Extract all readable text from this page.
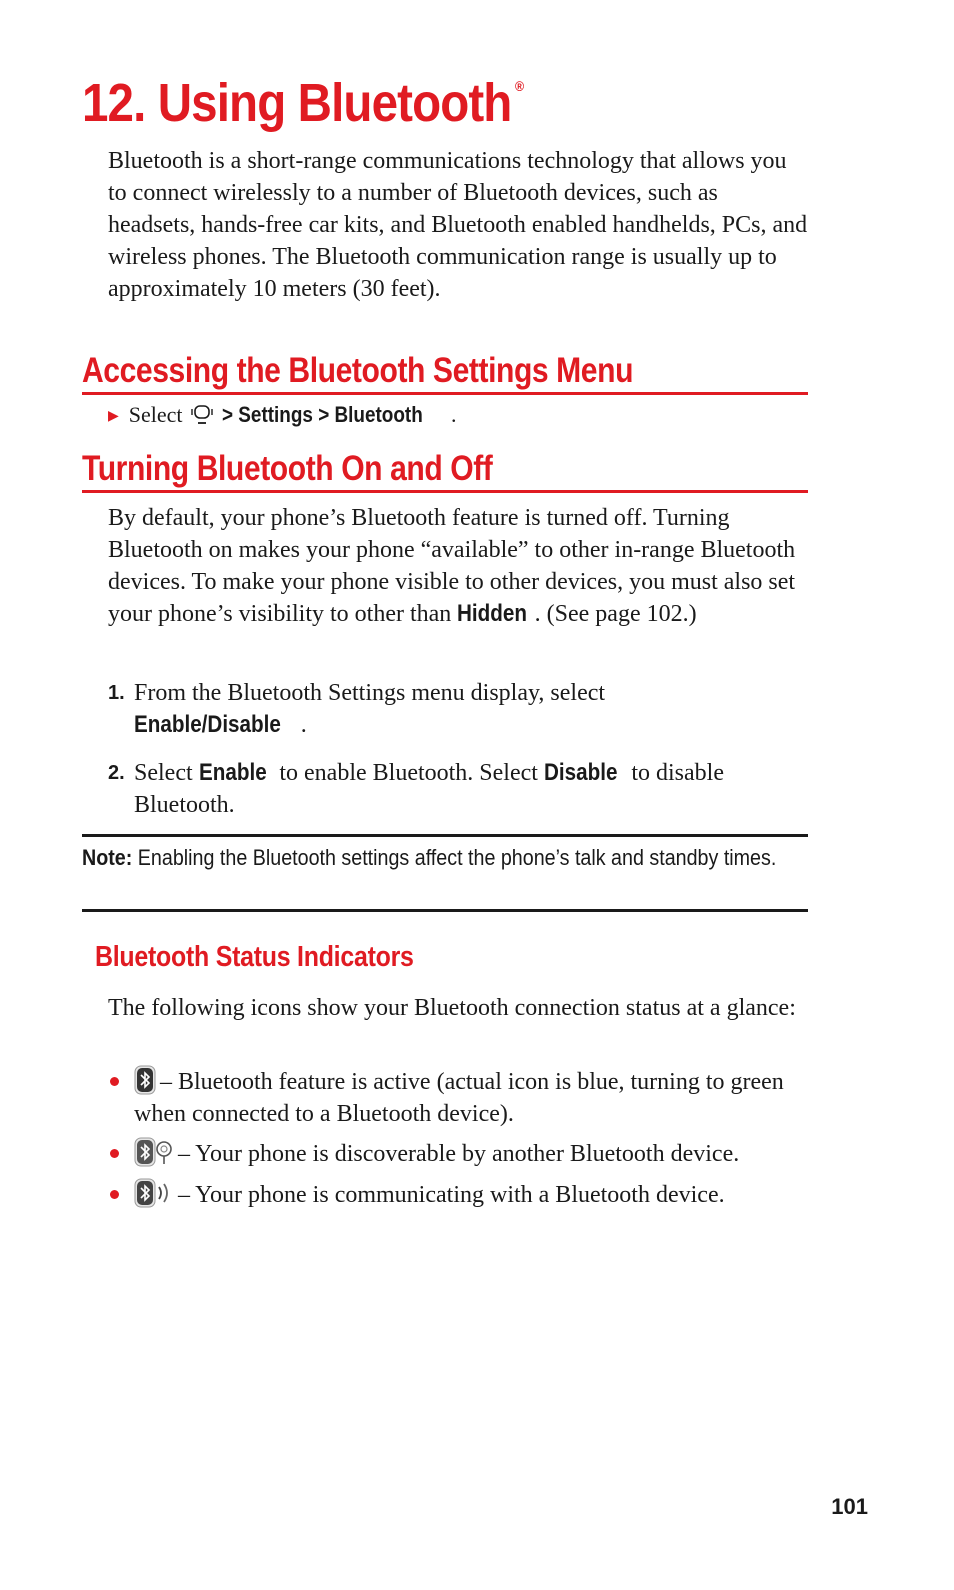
12. Using Bluetooth ®

Bluetooth is a short-range communications technology that allows you to connect wirelessly to a number of Bluetooth devices, such as headsets, hands-free car kits, and Bluetooth enabled handhelds, PCs, and wireless phones. The Bluetooth communication range is usually up to approximately 10 meters (30 feet).

Accessing the Bluetooth Settings Menu
▶ Select > Settings > Bluetooth .
Turning Bluetooth On and Off

By default, your phone’s Bluetooth feature is turned off. Turning Bluetooth on makes your phone “available” to other in-range Bluetooth devices. To make your phone visible to other devices, you must also set your phone’s visibility to other than Hidden . (See page 102.)

1. From the Bluetooth Settings menu display, select
Enable/Disable .
2. Select Enable to enable Bluetooth. Select Disable to disable Bluetooth.
Note: Enabling the Bluetooth settings affect the phone’s talk and standby times.
Bluetooth Status Indicators

The following icons show your Bluetooth connection status at a glance:

– Bluetooth feature is active (actual icon is blue, turning to green when connected to a Bluetooth device).
– Your phone is discoverable by another Bluetooth device.
– Your phone is communicating with a Bluetooth device.
101
